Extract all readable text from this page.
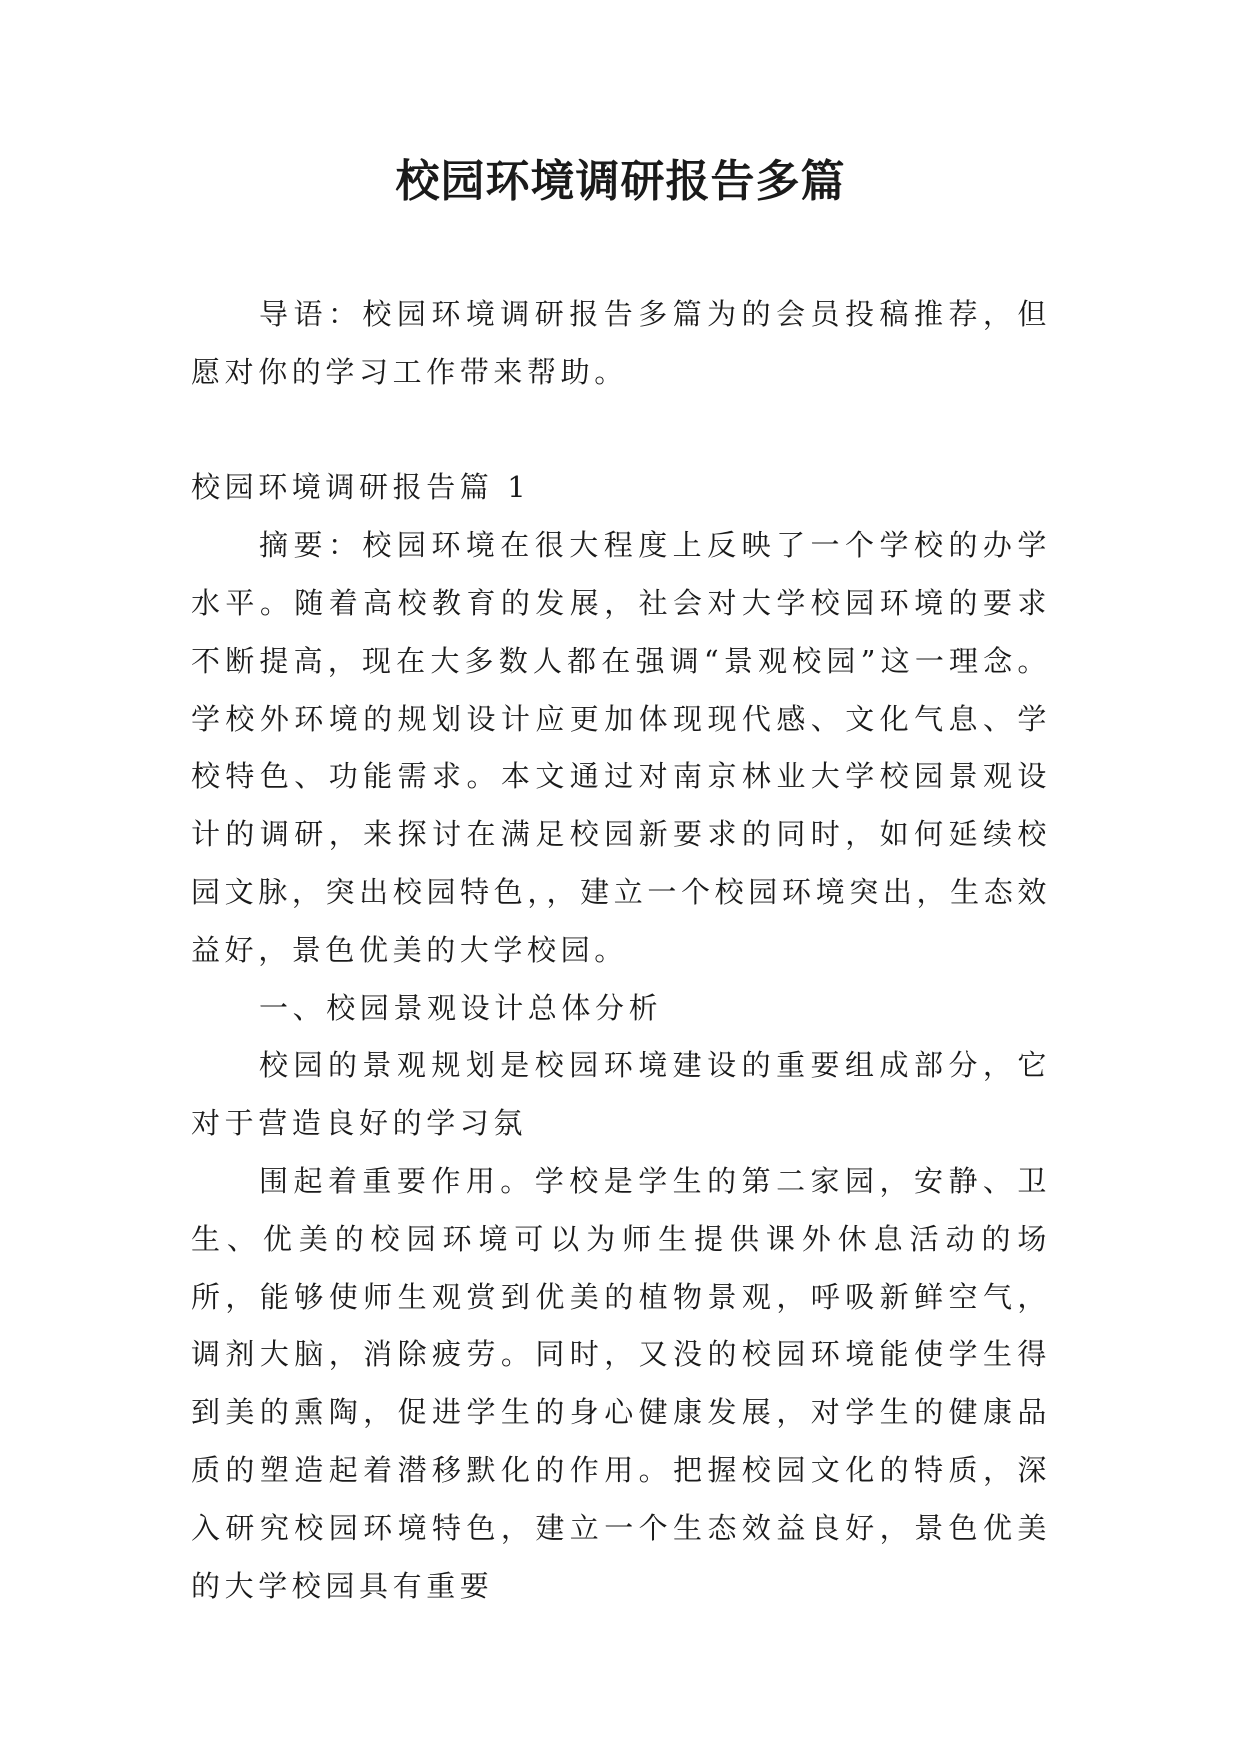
校园环境调研报告多篇

导语：校园环境调研报告多篇为的会员投稿推荐，但愿对你的学习工作带来帮助。

校园环境调研报告篇 1

摘要：校园环境在很大程度上反映了一个学校的办学水平。随着高校教育的发展，社会对大学校园环境的要求不断提高，现在大多数人都在强调“景观校园”这一理念。学校外环境的规划设计应更加体现现代感、文化气息、学校特色、功能需求。本文通过对南京林业大学校园景观设计的调研，来探讨在满足校园新要求的同时，如何延续校园文脉，突出校园特色，，建立一个校园环境突出，生态效益好，景色优美的大学校园。

一、校园景观设计总体分析

校园的景观规划是校园环境建设的重要组成部分，它对于营造良好的学习氛

围起着重要作用。学校是学生的第二家园，安静、卫生、优美的校园环境可以为师生提供课外休息活动的场所，能够使师生观赏到优美的植物景观，呼吸新鲜空气，调剂大脑，消除疲劳。同时，又没的校园环境能使学生得到美的熏陶，促进学生的身心健康发展，对学生的健康品质的塑造起着潜移默化的作用。把握校园文化的特质，深入研究校园环境特色，建立一个生态效益良好，景色优美的大学校园具有重要
